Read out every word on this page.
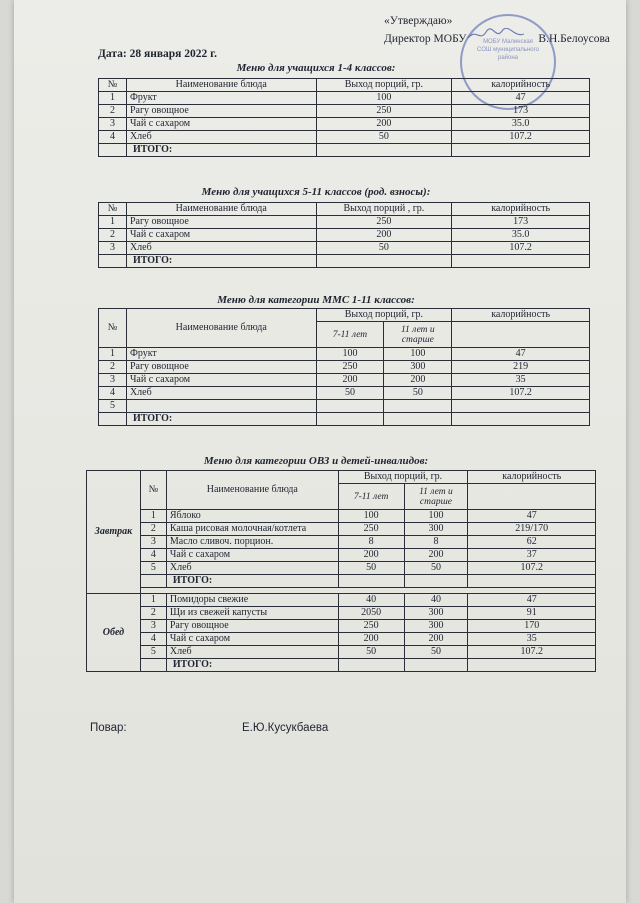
«Утверждаю»
Директор МОБУ	В.Н.Белоусова
МОБУ Малинская СОШ муниципального района
Дата: 28 января 2022 г.
Меню для учащихся 1-4 классов:
№	Наименование блюда	Выход порций, гр.	калорийность
1	Фрукт	100	47
2	Рагу овощное	250	173
3	Чай с сахаром	200	35.0
4	Хлеб	50	107.2
	ИТОГО:		
Меню для учащихся 5-11 классов (род. взносы):
№	Наименование блюда	Выход порций , гр.	калорийность
1	Рагу овощное	250	173
2	Чай с сахаром	200	35.0
3	Хлеб	50	107.2
	ИТОГО:		
Меню для категории ММС 1-11 классов:
№	Наименование блюда	Выход порций, гр.		калорийность
		7-11 лет	11 лет и старше	
1	Фрукт	100	100	47
2	Рагу овощное	250	300	219
3	Чай с сахаром	200	200	35
4	Хлеб	50	50	107.2
5				
	ИТОГО:			
Меню для категории ОВЗ и детей-инвалидов:
Завтрак	№	Наименование блюда	Выход порций, гр.		калорийность
			7-11 лет	11 лет и старше	
	1	Яблоко	100	100	47
	2	Каша рисовая молочная/котлета	250	300	219/170
	3	Масло сливоч. порцион.	8	8	62
	4	Чай с сахаром	200	200	37
	5	Хлеб	50	50	107.2
		ИТОГО:			

Обед	1	Помидоры свежие	40	40	47
	2	Щи из свежей капусты	2050	300	91
	3	Рагу овощное	250	300	170
	4	Чай с сахаром	200	200	35
	5	Хлеб	50	50	107.2
		ИТОГО:			
Повар:	Е.Ю.Кусукбаева
